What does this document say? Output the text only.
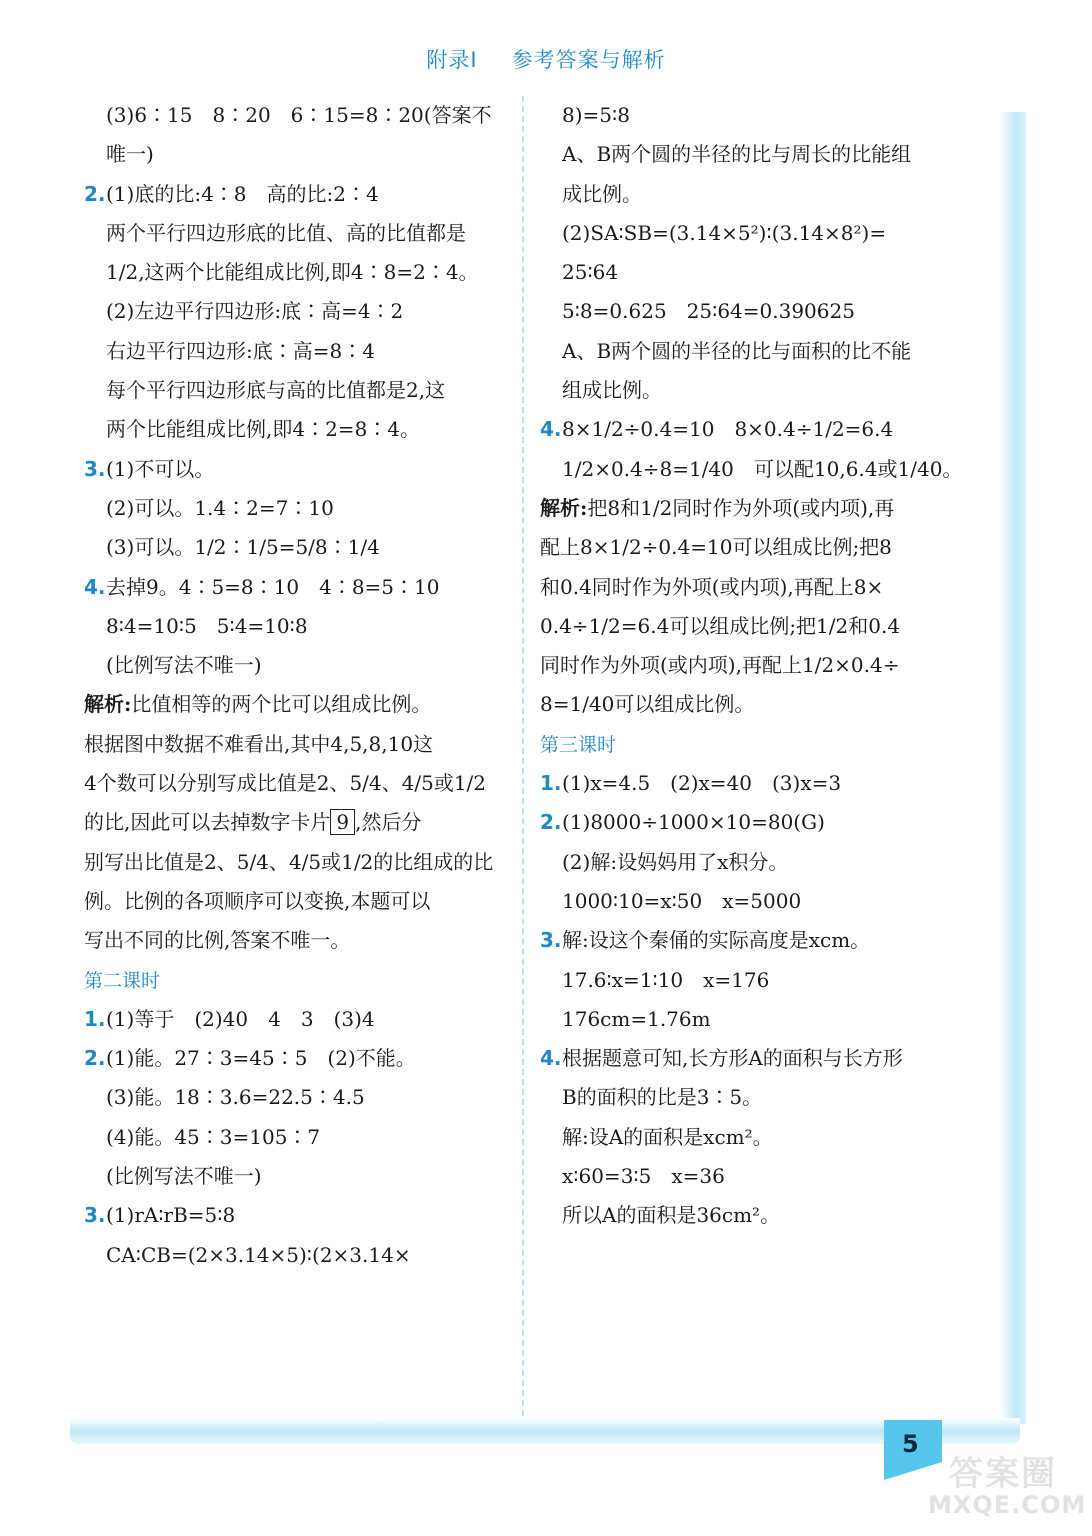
附录Ⅰ 参考答案与解析
5
答案圈
MXQE.COM
(3)6∶15　8∶20　6∶15=8∶20(答案不
唯一)
2. (1)底的比:4∶8　高的比:2∶4
两个平行四边形底的比值、高的比值都是
1/2,这两个比能组成比例,即4∶8=2∶4。
(2)左边平行四边形:底∶高=4∶2
右边平行四边形:底∶高=8∶4
每个平行四边形底与高的比值都是2,这
两个比能组成比例,即4∶2=8∶4。
3. (1)不可以。
(2)可以。1.4∶2=7∶10
(3)可以。1/2∶1/5=5/8∶1/4
4. 去掉9。4∶5=8∶10　4∶8=5∶10
8∶4=10∶5　5∶4=10∶8
(比例写法不唯一)
解析:比值相等的两个比可以组成比例。
根据图中数据不难看出,其中4,5,8,10这
4个数可以分别写成比值是2、5/4、4/5或1/2
的比,因此可以去掉数字卡片 9 ,然后分
别写出比值是2、5/4、4/5或1/2的比组成的比
例。比例的各项顺序可以变换,本题可以
写出不同的比例,答案不唯一。
第二课时
1. (1)等于　(2)40　4　3　(3)4
2. (1)能。27∶3=45∶5　(2)不能。
(3)能。18∶3.6=22.5∶4.5
(4)能。45∶3=105∶7
(比例写法不唯一)
3. (1)rA∶rB=5∶8
CA∶CB=(2×3.14×5)∶(2×3.14×
8)=5∶8
A、B两个圆的半径的比与周长的比能组
成比例。
(2)SA∶SB=(3.14×5²)∶(3.14×8²)=
25∶64
5∶8=0.625　25∶64=0.390625
A、B两个圆的半径的比与面积的比不能
组成比例。
4. 8×1/2÷0.4=10　8×0.4÷1/2=6.4
1/2×0.4÷8=1/40　可以配10,6.4或1/40。
解析:把8和1/2同时作为外项(或内项),再
配上8×1/2÷0.4=10可以组成比例;把8
和0.4同时作为外项(或内项),再配上8×
0.4÷1/2=6.4可以组成比例;把1/2和0.4
同时作为外项(或内项),再配上1/2×0.4÷
8=1/40可以组成比例。
第三课时
1. (1)x=4.5　(2)x=40　(3)x=3
2. (1)8000÷1000×10=80(G)
(2)解:设妈妈用了x积分。
1000∶10=x∶50　x=5000
3. 解:设这个秦俑的实际高度是xcm。
17.6∶x=1∶10　x=176
176cm=1.76m
4. 根据题意可知,长方形A的面积与长方形
B的面积的比是3∶5。
解:设A的面积是xcm²。
x∶60=3∶5　x=36
所以A的面积是36cm²。
